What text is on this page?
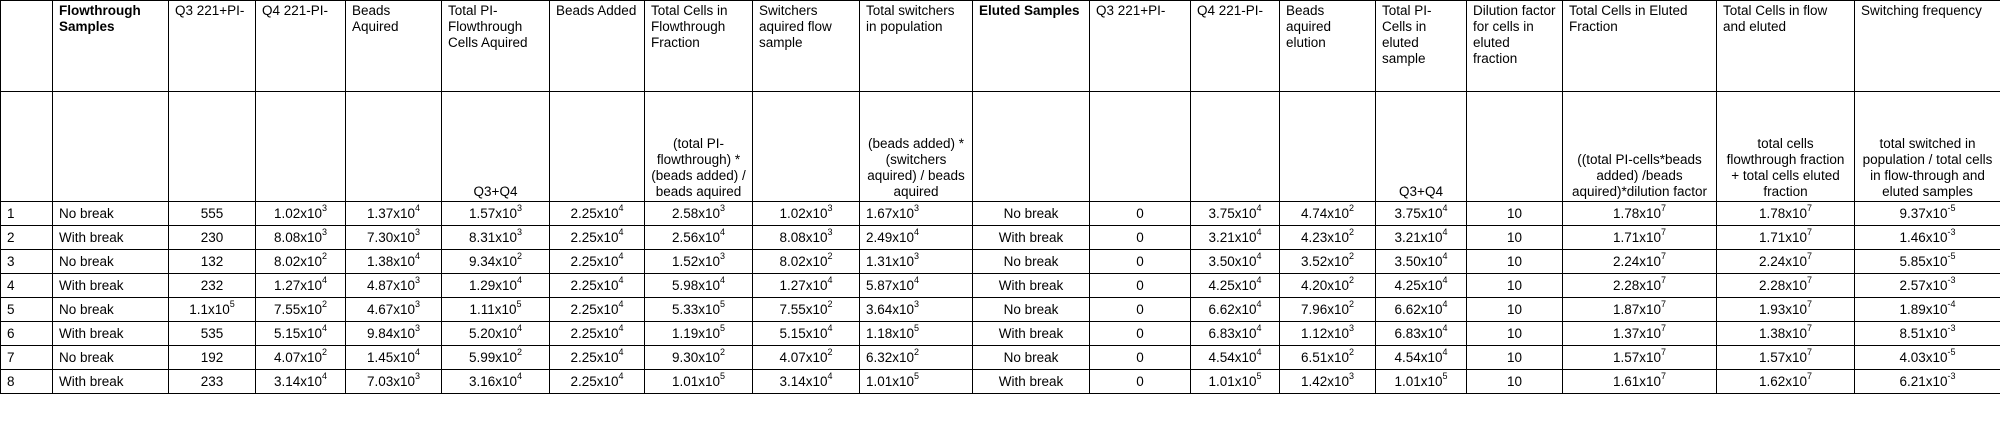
	Flowthrough Samples	Q3 221+PI-	Q4 221-PI-	Beads Aquired	Total PI- Flowthrough Cells Aquired	Beads Added	Total Cells in Flowthrough Fraction	Switchers aquired flow sample	Total switchers in population	Eluted Samples	Q3 221+PI-	Q4 221-PI-	Beads aquired elution	Total PI- Cells in eluted sample	Dilution factor for cells in eluted fraction	Total Cells in Eluted Fraction	Total Cells in flow and eluted	Switching frequency
					Q3+Q4		(total PI-flowthrough) * (beads added) / beads aquired		(beads added) * (switchers aquired) / beads aquired					Q3+Q4		((total PI-cells*beads added) /beads aquired)*dilution factor	total cells flowthrough fraction + total cells eluted fraction	total switched in population / total cells in flow-through and eluted samples
1	No break	555	$1.02x10^3$	$1.37x10^4$	$1.57x10^3$	$2.25x10^4$	$2.58x10^3$	$1.02x10^3$	$1.67x10^3$	No break	0	$3.75x10^4$	$4.74x10^2$	$3.75x10^4$	10	$1.78x10^7$	$1.78x10^7$	$9.37x10^{-5}$
2	With break	230	$8.08x10^3$	$7.30x10^3$	$8.31x10^3$	$2.25x10^4$	$2.56x10^4$	$8.08x10^3$	$2.49x10^4$	With break	0	$3.21x10^4$	$4.23x10^2$	$3.21x10^4$	10	$1.71x10^7$	$1.71x10^7$	$1.46x10^{-3}$
3	No break	132	$8.02x10^2$	$1.38x10^4$	$9.34x10^2$	$2.25x10^4$	$1.52x10^3$	$8.02x10^2$	$1.31x10^3$	No break	0	$3.50x10^4$	$3.52x10^2$	$3.50x10^4$	10	$2.24x10^7$	$2.24x10^7$	$5.85x10^{-5}$
4	With break	232	$1.27x10^4$	$4.87x10^3$	$1.29x10^4$	$2.25x10^4$	$5.98x10^4$	$1.27x10^4$	$5.87x10^4$	With break	0	$4.25x10^4$	$4.20x10^2$	$4.25x10^4$	10	$2.28x10^7$	$2.28x10^7$	$2.57x10^{-3}$
5	No break	$1.1x10^5$	$7.55x10^2$	$4.67x10^3$	$1.11x10^5$	$2.25x10^4$	$5.33x10^5$	$7.55x10^2$	$3.64x10^3$	No break	0	$6.62x10^4$	$7.96x10^2$	$6.62x10^4$	10	$1.87x10^7$	$1.93x10^7$	$1.89x10^{-4}$
6	With break	535	$5.15x10^4$	$9.84x10^3$	$5.20x10^4$	$2.25x10^4$	$1.19x10^5$	$5.15x10^4$	$1.18x10^5$	With break	0	$6.83x10^4$	$1.12x10^3$	$6.83x10^4$	10	$1.37x10^7$	$1.38x10^7$	$8.51x10^{-3}$
7	No break	192	$4.07x10^2$	$1.45x10^4$	$5.99x10^2$	$2.25x10^4$	$9.30x10^2$	$4.07x10^2$	$6.32x10^2$	No break	0	$4.54x10^4$	$6.51x10^2$	$4.54x10^4$	10	$1.57x10^7$	$1.57x10^7$	$4.03x10^{-5}$
8	With break	233	$3.14x10^4$	$7.03x10^3$	$3.16x10^4$	$2.25x10^4$	$1.01x10^5$	$3.14x10^4$	$1.01x10^5$	With break	0	$1.01x10^5$	$1.42x10^3$	$1.01x10^5$	10	$1.61x10^7$	$1.62x10^7$	$6.21x10^{-3}$
